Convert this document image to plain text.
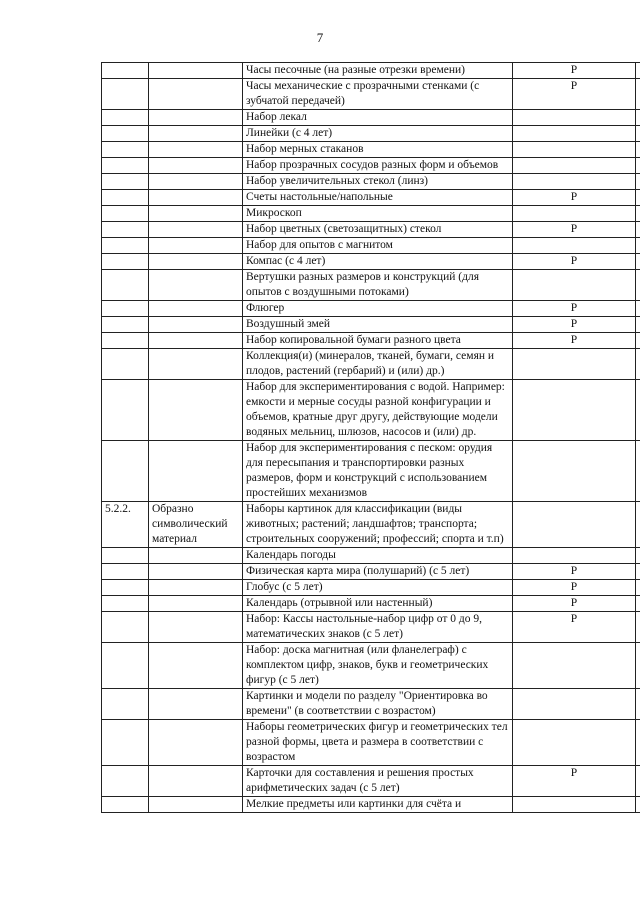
7
		Часы песочные (на разные отрезки времени)	Р	
		Часы механические с прозрачными стенками (с зубчатой передачей)	Р	
		Набор лекал		
		Линейки (с 4 лет)		
		Набор мерных стаканов		
		Набор прозрачных сосудов разных форм и объемов		
		Набор увеличительных стекол (линз)		
		Счеты настольные/напольные	Р	
		Микроскоп		
		Набор цветных (светозащитных) стекол	Р	
		Набор для опытов с магнитом		
		Компас (с 4 лет)	Р	
		Вертушки разных размеров и конструкций (для опытов с воздушными потоками)		
		Флюгер	Р	
		Воздушный змей	Р	
		Набор копировальной бумаги разного цвета	Р	
		Коллекция(и) (минералов, тканей, бумаги, семян и плодов, растений (гербарий) и (или) др.)		
		Набор для экспериментирования с водой. Например: емкости и мерные сосуды разной конфигурации и объемов, кратные друг другу, действующие модели водяных мельниц, шлюзов, насосов и (или) др.		
		Набор для экспериментирования с песком: орудия для пересыпания и транспортировки разных размеров, форм и конструкций с использованием простейших механизмов		
5.2.2.	Образно символический материал	Наборы картинок для классификации (виды животных; растений; ландшафтов; транспорта; строительных сооружений; профессий; спорта и т.п)		
		Календарь погоды		
		Физическая карта мира (полушарий) (с 5 лет)	Р	
		Глобус (с 5 лет)	Р	
		Календарь (отрывной или настенный)	Р	
		Набор: Кассы настольные-набор цифр от 0 до 9, математических знаков (с 5 лет)	Р	
		Набор: доска магнитная (или фланелеграф) с комплектом цифр, знаков, букв и геометрических фигур (с 5 лет)		
		Картинки и модели по разделу "Ориентировка во времени" (в соответствии с возрастом)		
		Наборы геометрических фигур и геометрических тел разной формы, цвета и размера в соответствии с возрастом		
		Карточки для составления и решения простых арифметических задач (с 5 лет)	Р	
		Мелкие предметы или картинки для счёта и		
